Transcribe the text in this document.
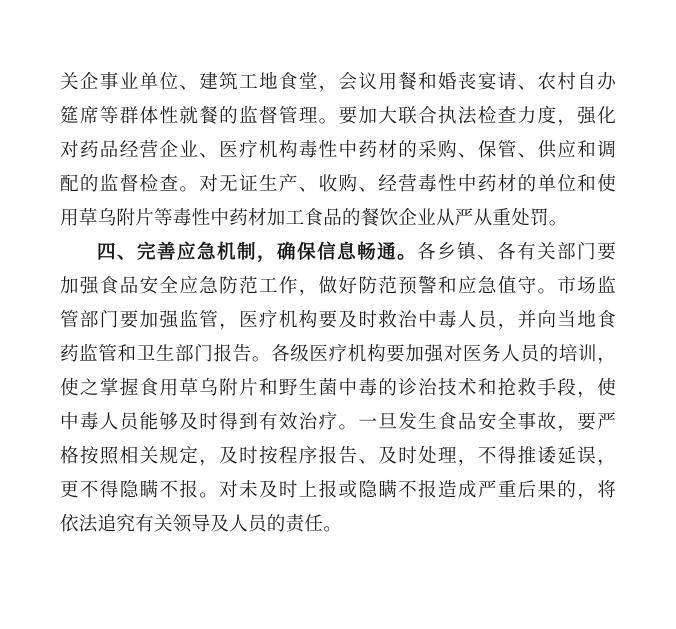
关企事业单位、建筑工地食堂，会议用餐和婚丧宴请、农村自办
筵席等群体性就餐的监督管理。要加大联合执法检查力度，强化
对药品经营企业、医疗机构毒性中药材的采购、保管、供应和调
配的监督检查。对无证生产、收购、经营毒性中药材的单位和使
用草乌附片等毒性中药材加工食品的餐饮企业从严从重处罚。
四、完善应急机制，确保信息畅通。各乡镇、各有关部门要
加强食品安全应急防范工作，做好防范预警和应急值守。市场监
管部门要加强监管，医疗机构要及时救治中毒人员，并向当地食
药监管和卫生部门报告。各级医疗机构要加强对医务人员的培训，
使之掌握食用草乌附片和野生菌中毒的诊治技术和抢救手段，使
中毒人员能够及时得到有效治疗。一旦发生食品安全事故，要严
格按照相关规定，及时按程序报告、及时处理，不得推诿延误，
更不得隐瞒不报。对未及时上报或隐瞒不报造成严重后果的，将
依法追究有关领导及人员的责任。
